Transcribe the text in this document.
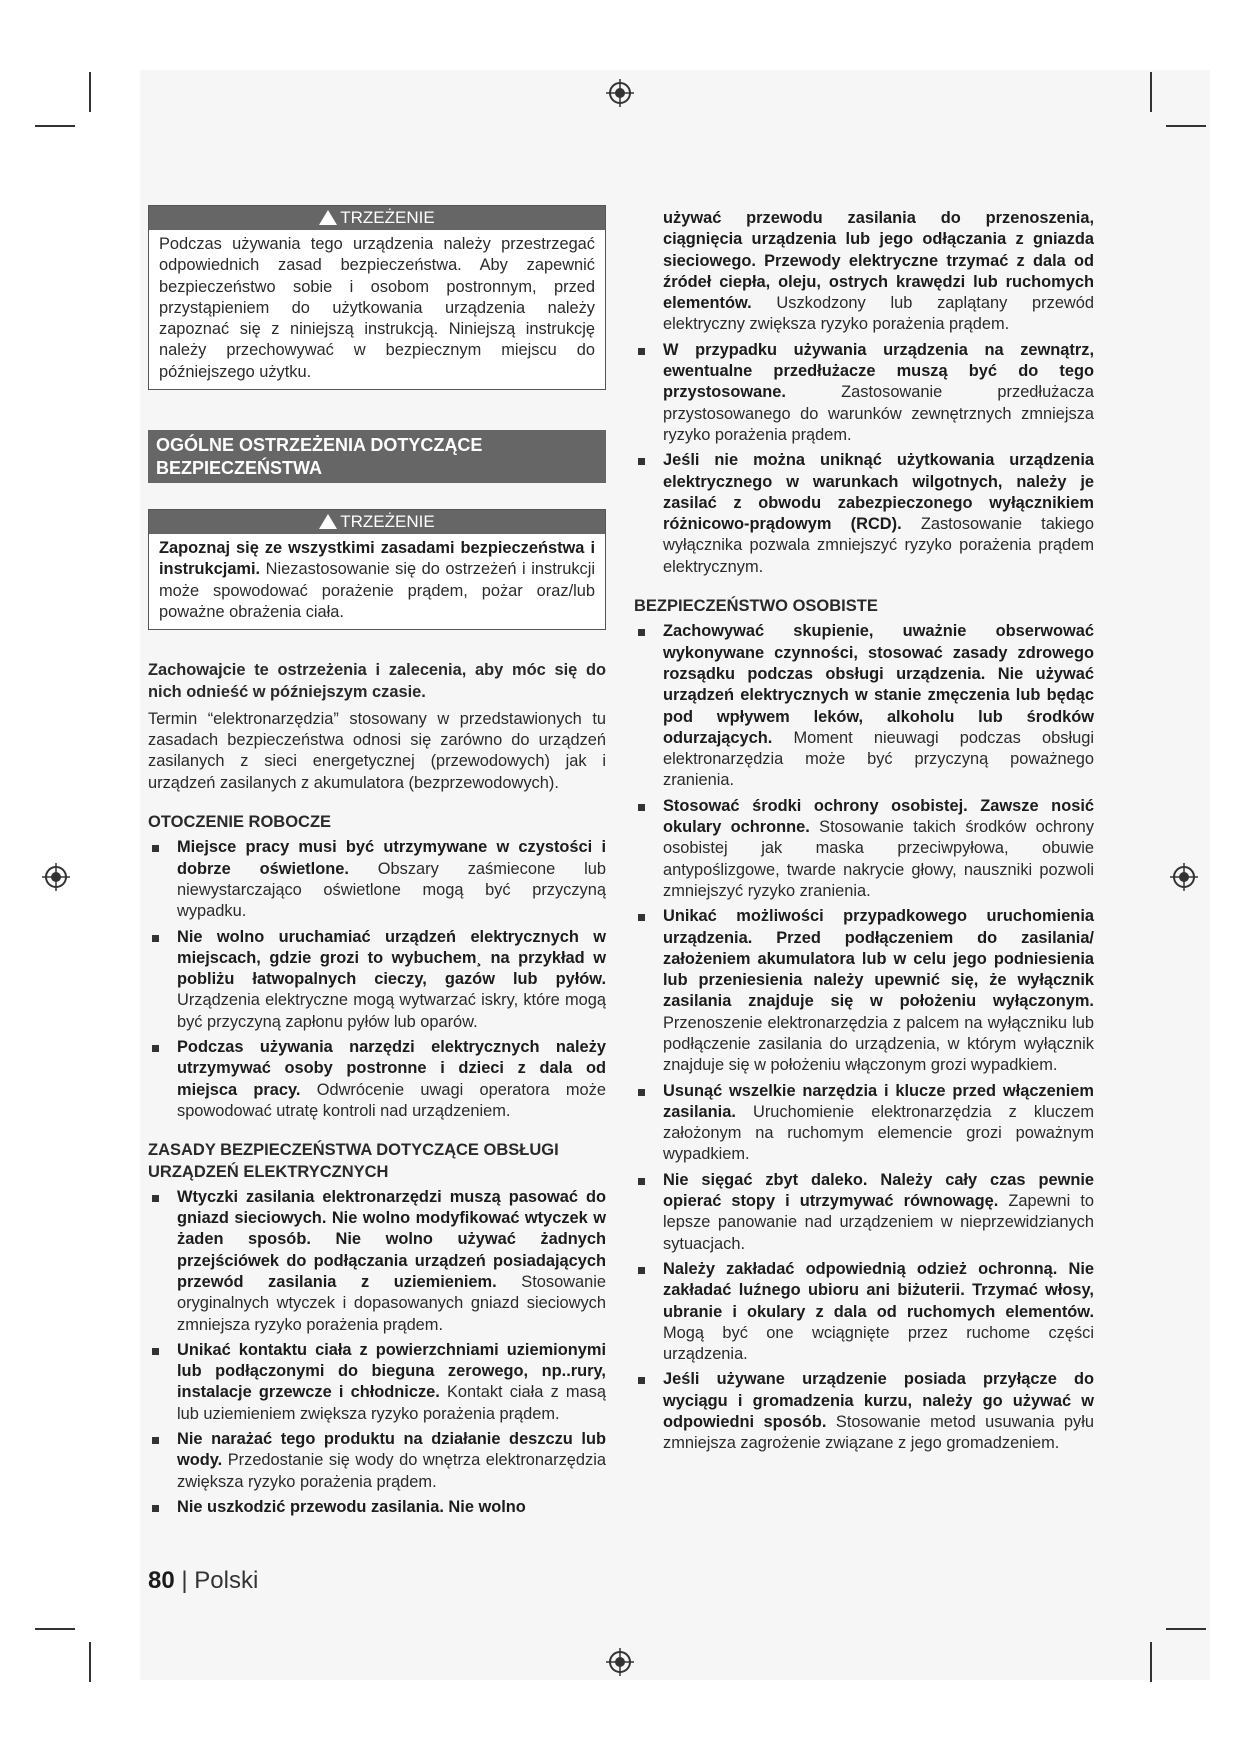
TRZEŻENIE

Podczas używania tego urządzenia należy przestrzegać odpowiednich zasad bezpieczeństwa. Aby zapewnić bezpieczeństwo sobie i osobom postronnym, przed przystąpieniem do użytkowania urządzenia należy zapoznać się z niniejszą instrukcją. Niniejszą instrukcję należy przechowywać w bezpiecznym miejscu do późniejszego użytku.

OGÓLNE OSTRZEŻENIA DOTYCZĄCE BEZPIECZEŃSTWA
TRZEŻENIE

Zapoznaj się ze wszystkimi zasadami bezpieczeństwa i instrukcjami. Niezastosowanie się do ostrzeżeń i instrukcji może spowodować porażenie prądem, pożar oraz/lub poważne obrażenia ciała.

Zachowajcie te ostrzeżenia i zalecenia, aby móc się do nich odnieść w późniejszym czasie.

Termin “elektronarzędzia” stosowany w przedstawionych tu zasadach bezpieczeństwa odnosi się zarówno do urządzeń zasilanych z sieci energetycznej (przewodowych) jak i urządzeń zasilanych z akumulatora (bezprzewodowych).

OTOCZENIE ROBOCZE
Miejsce pracy musi być utrzymywane w czystości i dobrze oświetlone. Obszary zaśmiecone lub niewystarczająco oświetlone mogą być przyczyną wypadku.
Nie wolno uruchamiać urządzeń elektrycznych w miejscach, gdzie grozi to wybuchem¸ na przykład w pobliżu łatwopalnych cieczy, gazów lub pyłów. Urządzenia elektryczne mogą wytwarzać iskry, które mogą być przyczyną zapłonu pyłów lub oparów.
Podczas używania narzędzi elektrycznych należy utrzymywać osoby postronne i dzieci z dala od miejsca pracy. Odwrócenie uwagi operatora może spowodować utratę kontroli nad urządzeniem.
ZASADY BEZPIECZEŃSTWA DOTYCZĄCE OBSŁUGI URZĄDZEŃ ELEKTRYCZNYCH
Wtyczki zasilania elektronarzędzi muszą pasować do gniazd sieciowych. Nie wolno modyfikować wtyczek w żaden sposób. Nie wolno używać żadnych przejściówek do podłączania urządzeń posiadających przewód zasilania z uziemieniem. Stosowanie oryginalnych wtyczek i dopasowanych gniazd sieciowych zmniejsza ryzyko porażenia prądem.
Unikać kontaktu ciała z powierzchniami uziemionymi lub podłączonymi do bieguna zerowego, np..rury, instalacje grzewcze i chłodnicze. Kontakt ciała z masą lub uziemieniem zwiększa ryzyko porażenia prądem.
Nie narażać tego produktu na działanie deszczu lub wody. Przedostanie się wody do wnętrza elektronarzędzia zwiększa ryzyko porażenia prądem.
Nie uszkodzić przewodu zasilania. Nie wolno

używać przewodu zasilania do przenoszenia, ciągnięcia urządzenia lub jego odłączania z gniazda sieciowego. Przewody elektryczne trzymać z dala od źródeł ciepła, oleju, ostrych krawędzi lub ruchomych elementów. Uszkodzony lub zaplątany przewód elektryczny zwiększa ryzyko porażenia prądem.

W przypadku używania urządzenia na zewnątrz, ewentualne przedłużacze muszą być do tego przystosowane. Zastosowanie przedłużacza przystosowanego do warunków zewnętrznych zmniejsza ryzyko porażenia prądem.
Jeśli nie można uniknąć użytkowania urządzenia elektrycznego w warunkach wilgotnych, należy je zasilać z obwodu zabezpieczonego wyłącznikiem różnicowo-prądowym (RCD). Zastosowanie takiego wyłącznika pozwala zmniejszyć ryzyko porażenia prądem elektrycznym.
BEZPIECZEŃSTWO OSOBISTE
Zachowywać skupienie, uważnie obserwować wykonywane czynności, stosować zasady zdrowego rozsądku podczas obsługi urządzenia. Nie używać urządzeń elektrycznych w stanie zmęczenia lub będąc pod wpływem leków, alkoholu lub środków odurzających. Moment nieuwagi podczas obsługi elektronarzędzia może być przyczyną poważnego zranienia.
Stosować środki ochrony osobistej. Zawsze nosić okulary ochronne. Stosowanie takich środków ochrony osobistej jak maska przeciwpyłowa, obuwie antypoślizgowe, twarde nakrycie głowy, nauszniki pozwoli zmniejszyć ryzyko zranienia.
Unikać możliwości przypadkowego uruchomienia urządzenia. Przed podłączeniem do zasilania/ założeniem akumulatora lub w celu jego podniesienia lub przeniesienia należy upewnić się, że wyłącznik zasilania znajduje się w położeniu wyłączonym. Przenoszenie elektronarzędzia z palcem na wyłączniku lub podłączenie zasilania do urządzenia, w którym wyłącznik znajduje się w położeniu włączonym grozi wypadkiem.
Usunąć wszelkie narzędzia i klucze przed włączeniem zasilania. Uruchomienie elektronarzędzia z kluczem założonym na ruchomym elemencie grozi poważnym wypadkiem.
Nie sięgać zbyt daleko. Należy cały czas pewnie opierać stopy i utrzymywać równowagę. Zapewni to lepsze panowanie nad urządzeniem w nieprzewidzianych sytuacjach.
Należy zakładać odpowiednią odzież ochronną. Nie zakładać luźnego ubioru ani biżuterii. Trzymać włosy, ubranie i okulary z dala od ruchomych elementów. Mogą być one wciągnięte przez ruchome części urządzenia.
Jeśli używane urządzenie posiada przyłącze do wyciągu i gromadzenia kurzu, należy go używać w odpowiedni sposób. Stosowanie metod usuwania pyłu zmniejsza zagrożenie związane z jego gromadzeniem.
80 | Polski
